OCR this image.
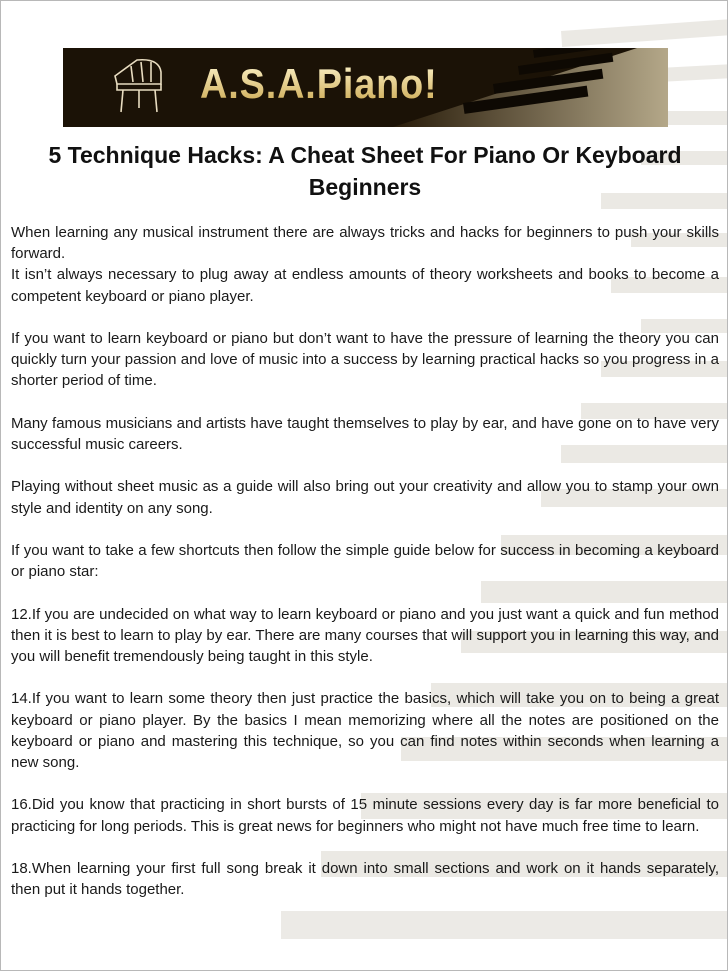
A.S.A.Piano!
5 Technique Hacks: A Cheat Sheet For Piano Or Keyboard Beginners

When learning any musical instrument there are always tricks and hacks for beginners to push your skills forward.

It isn’t always necessary to plug away at endless amounts of theory worksheets and books to become a competent keyboard or piano player.

If you want to learn keyboard or piano but don’t want to have the pressure of learning the theory you can quickly turn your passion and love of music into a success by learning practical hacks so you progress in a shorter period of time.

Many famous musicians and artists have taught themselves to play by ear, and have gone on to have very successful music careers.

Playing without sheet music as a guide will also bring out your creativity and allow you to stamp your own style and identity on any song.

If you want to take a few shortcuts then follow the simple guide below for success in becoming a keyboard or piano star:

12.If you are undecided on what way to learn keyboard or piano and you just want a quick and fun method then it is best to learn to play by ear. There are many courses that will support you in learning this way, and you will benefit tremendously being taught in this style.

14.If you want to learn some theory then just practice the basics, which will take you on to being a great keyboard or piano player. By the basics I mean memorizing where all the notes are positioned on the keyboard or piano and mastering this technique, so you can find notes within seconds when learning a new song.

16.Did you know that practicing in short bursts of 15 minute sessions every day is far more beneficial to practicing for long periods. This is great news for beginners who might not have much free time to learn.

18.When learning your first full song break it down into small sections and work on it hands separately, then put it hands together.
